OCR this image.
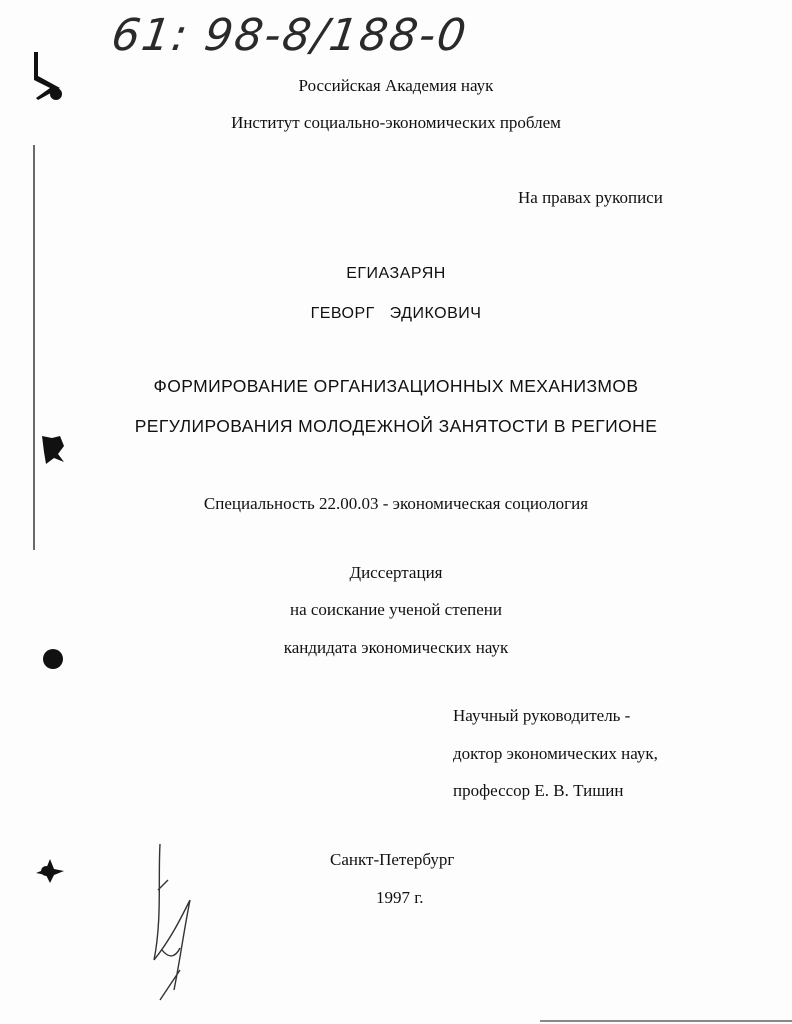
61: 98-8/188-0
Российская Академия наук
Институт социально-экономических проблем
На правах рукописи
ЕГИАЗАРЯН
ГЕВОРГ   ЭДИКОВИЧ
ФОРМИРОВАНИЕ ОРГАНИЗАЦИОННЫХ МЕХАНИЗМОВ
РЕГУЛИРОВАНИЯ МОЛОДЕЖНОЙ ЗАНЯТОСТИ В РЕГИОНЕ
Специальность 22.00.03 - экономическая социология
Диссертация
на соискание ученой степени
кандидата экономических наук
Научный руководитель -
доктор экономических наук,
профессор Е. В. Тишин
Санкт-Петербург
1997 г.
